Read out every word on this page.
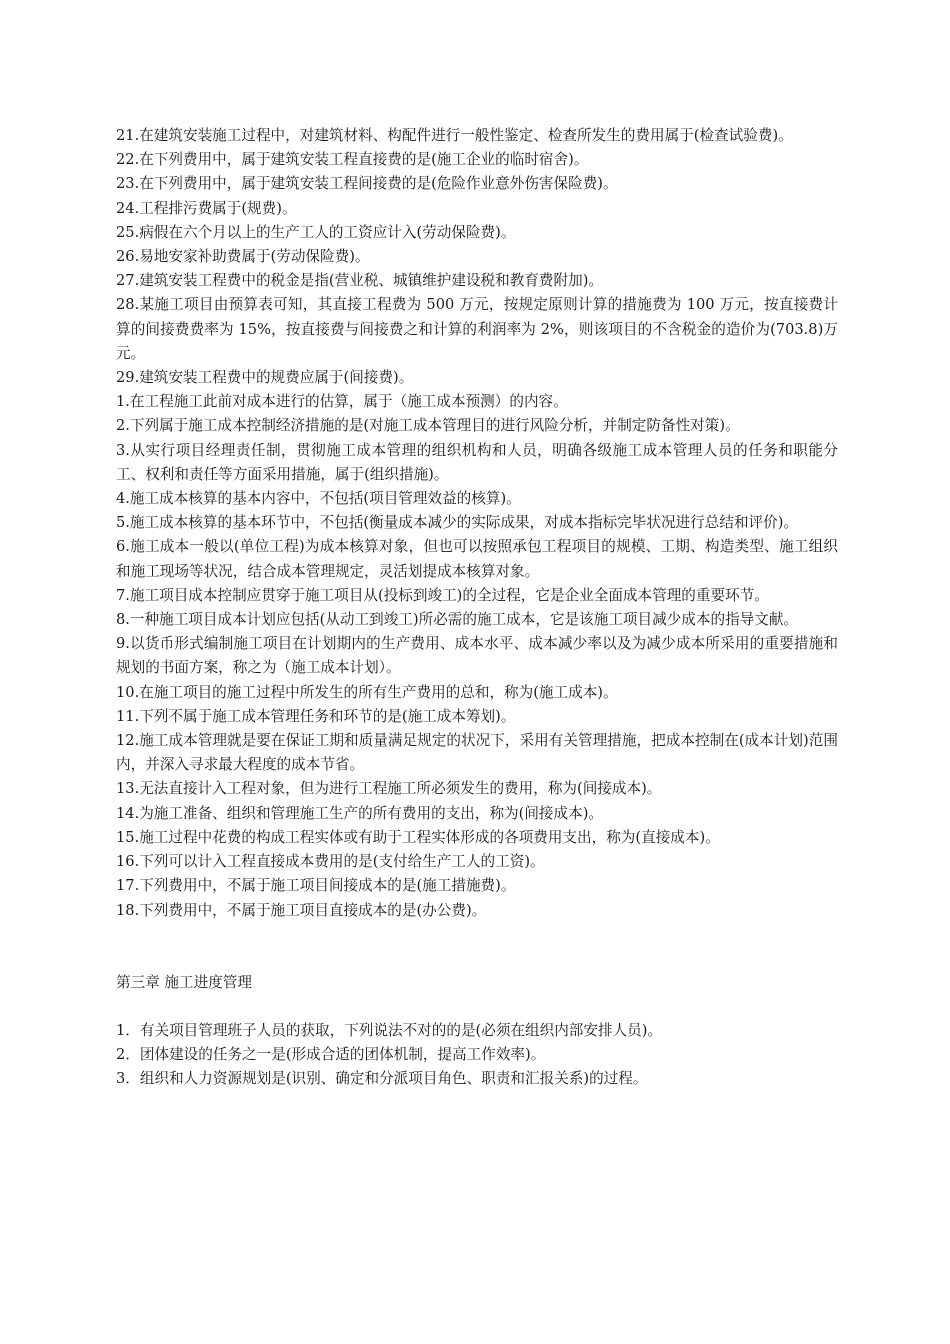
21.在建筑安装施工过程中，对建筑材料、构配件进行一般性鉴定、检查所发生的费用属于(检查试验费)。

22.在下列费用中，属于建筑安装工程直接费的是(施工企业的临时宿舍)。

23.在下列费用中，属于建筑安装工程间接费的是(危险作业意外伤害保险费)。

24.工程排污费属于(规费)。

25.病假在六个月以上的生产工人的工资应计入(劳动保险费)。

26.易地安家补助费属于(劳动保险费)。

27.建筑安装工程费中的税金是指(营业税、城镇维护建设税和教育费附加)。

28.某施工项目由预算表可知，其直接工程费为 500 万元，按规定原则计算的措施费为 100 万元，按直接费计算的间接费费率为 15%，按直接费与间接费之和计算的利润率为 2%，则该项目的不含税金的造价为(703.8)万元。

29.建筑安装工程费中的规费应属于(间接费)。

1.在工程施工此前对成本进行的估算，属于（施工成本预测）的内容。

2.下列属于施工成本控制经济措施的是(对施工成本管理目的进行风险分析，并制定防备性对策)。

3.从实行项目经理责任制，贯彻施工成本管理的组织机构和人员，明确各级施工成本管理人员的任务和职能分工、权利和责任等方面采用措施，属于(组织措施)。

4.施工成本核算的基本内容中，不包括(项目管理效益的核算)。

5.施工成本核算的基本环节中，不包括(衡量成本减少的实际成果，对成本指标完毕状况进行总结和评价)。

6.施工成本一般以(单位工程)为成本核算对象，但也可以按照承包工程项目的规模、工期、构造类型、施工组织和施工现场等状况，结合成本管理规定，灵活划提成本核算对象。

7.施工项目成本控制应贯穿于施工项目从(投标到竣工)的全过程，它是企业全面成本管理的重要环节。

8.一种施工项目成本计划应包括(从动工到竣工)所必需的施工成本，它是该施工项目减少成本的指导文献。

9.以货币形式编制施工项目在计划期内的生产费用、成本水平、成本减少率以及为减少成本所采用的重要措施和规划的书面方案，称之为（施工成本计划）。

10.在施工项目的施工过程中所发生的所有生产费用的总和，称为(施工成本)。

11.下列不属于施工成本管理任务和环节的是(施工成本筹划)。

12.施工成本管理就是要在保证工期和质量满足规定的状况下，采用有关管理措施，把成本控制在(成本计划)范围内，并深入寻求最大程度的成本节省。

13.无法直接计入工程对象，但为进行工程施工所必须发生的费用，称为(间接成本)。

14.为施工准备、组织和管理施工生产的所有费用的支出，称为(间接成本)。

15.施工过程中花费的构成工程实体或有助于工程实体形成的各项费用支出，称为(直接成本)。

16.下列可以计入工程直接成本费用的是(支付给生产工人的工资)。

17.下列费用中，不属于施工项目间接成本的是(施工措施费)。

18.下列费用中，不属于施工项目直接成本的是(办公费)。

第三章 施工进度管理

1．有关项目管理班子人员的获取，下列说法不对的的是(必须在组织内部安排人员)。

2．团体建设的任务之一是(形成合适的团体机制，提高工作效率)。

3．组织和人力资源规划是(识别、确定和分派项目角色、职责和汇报关系)的过程。
